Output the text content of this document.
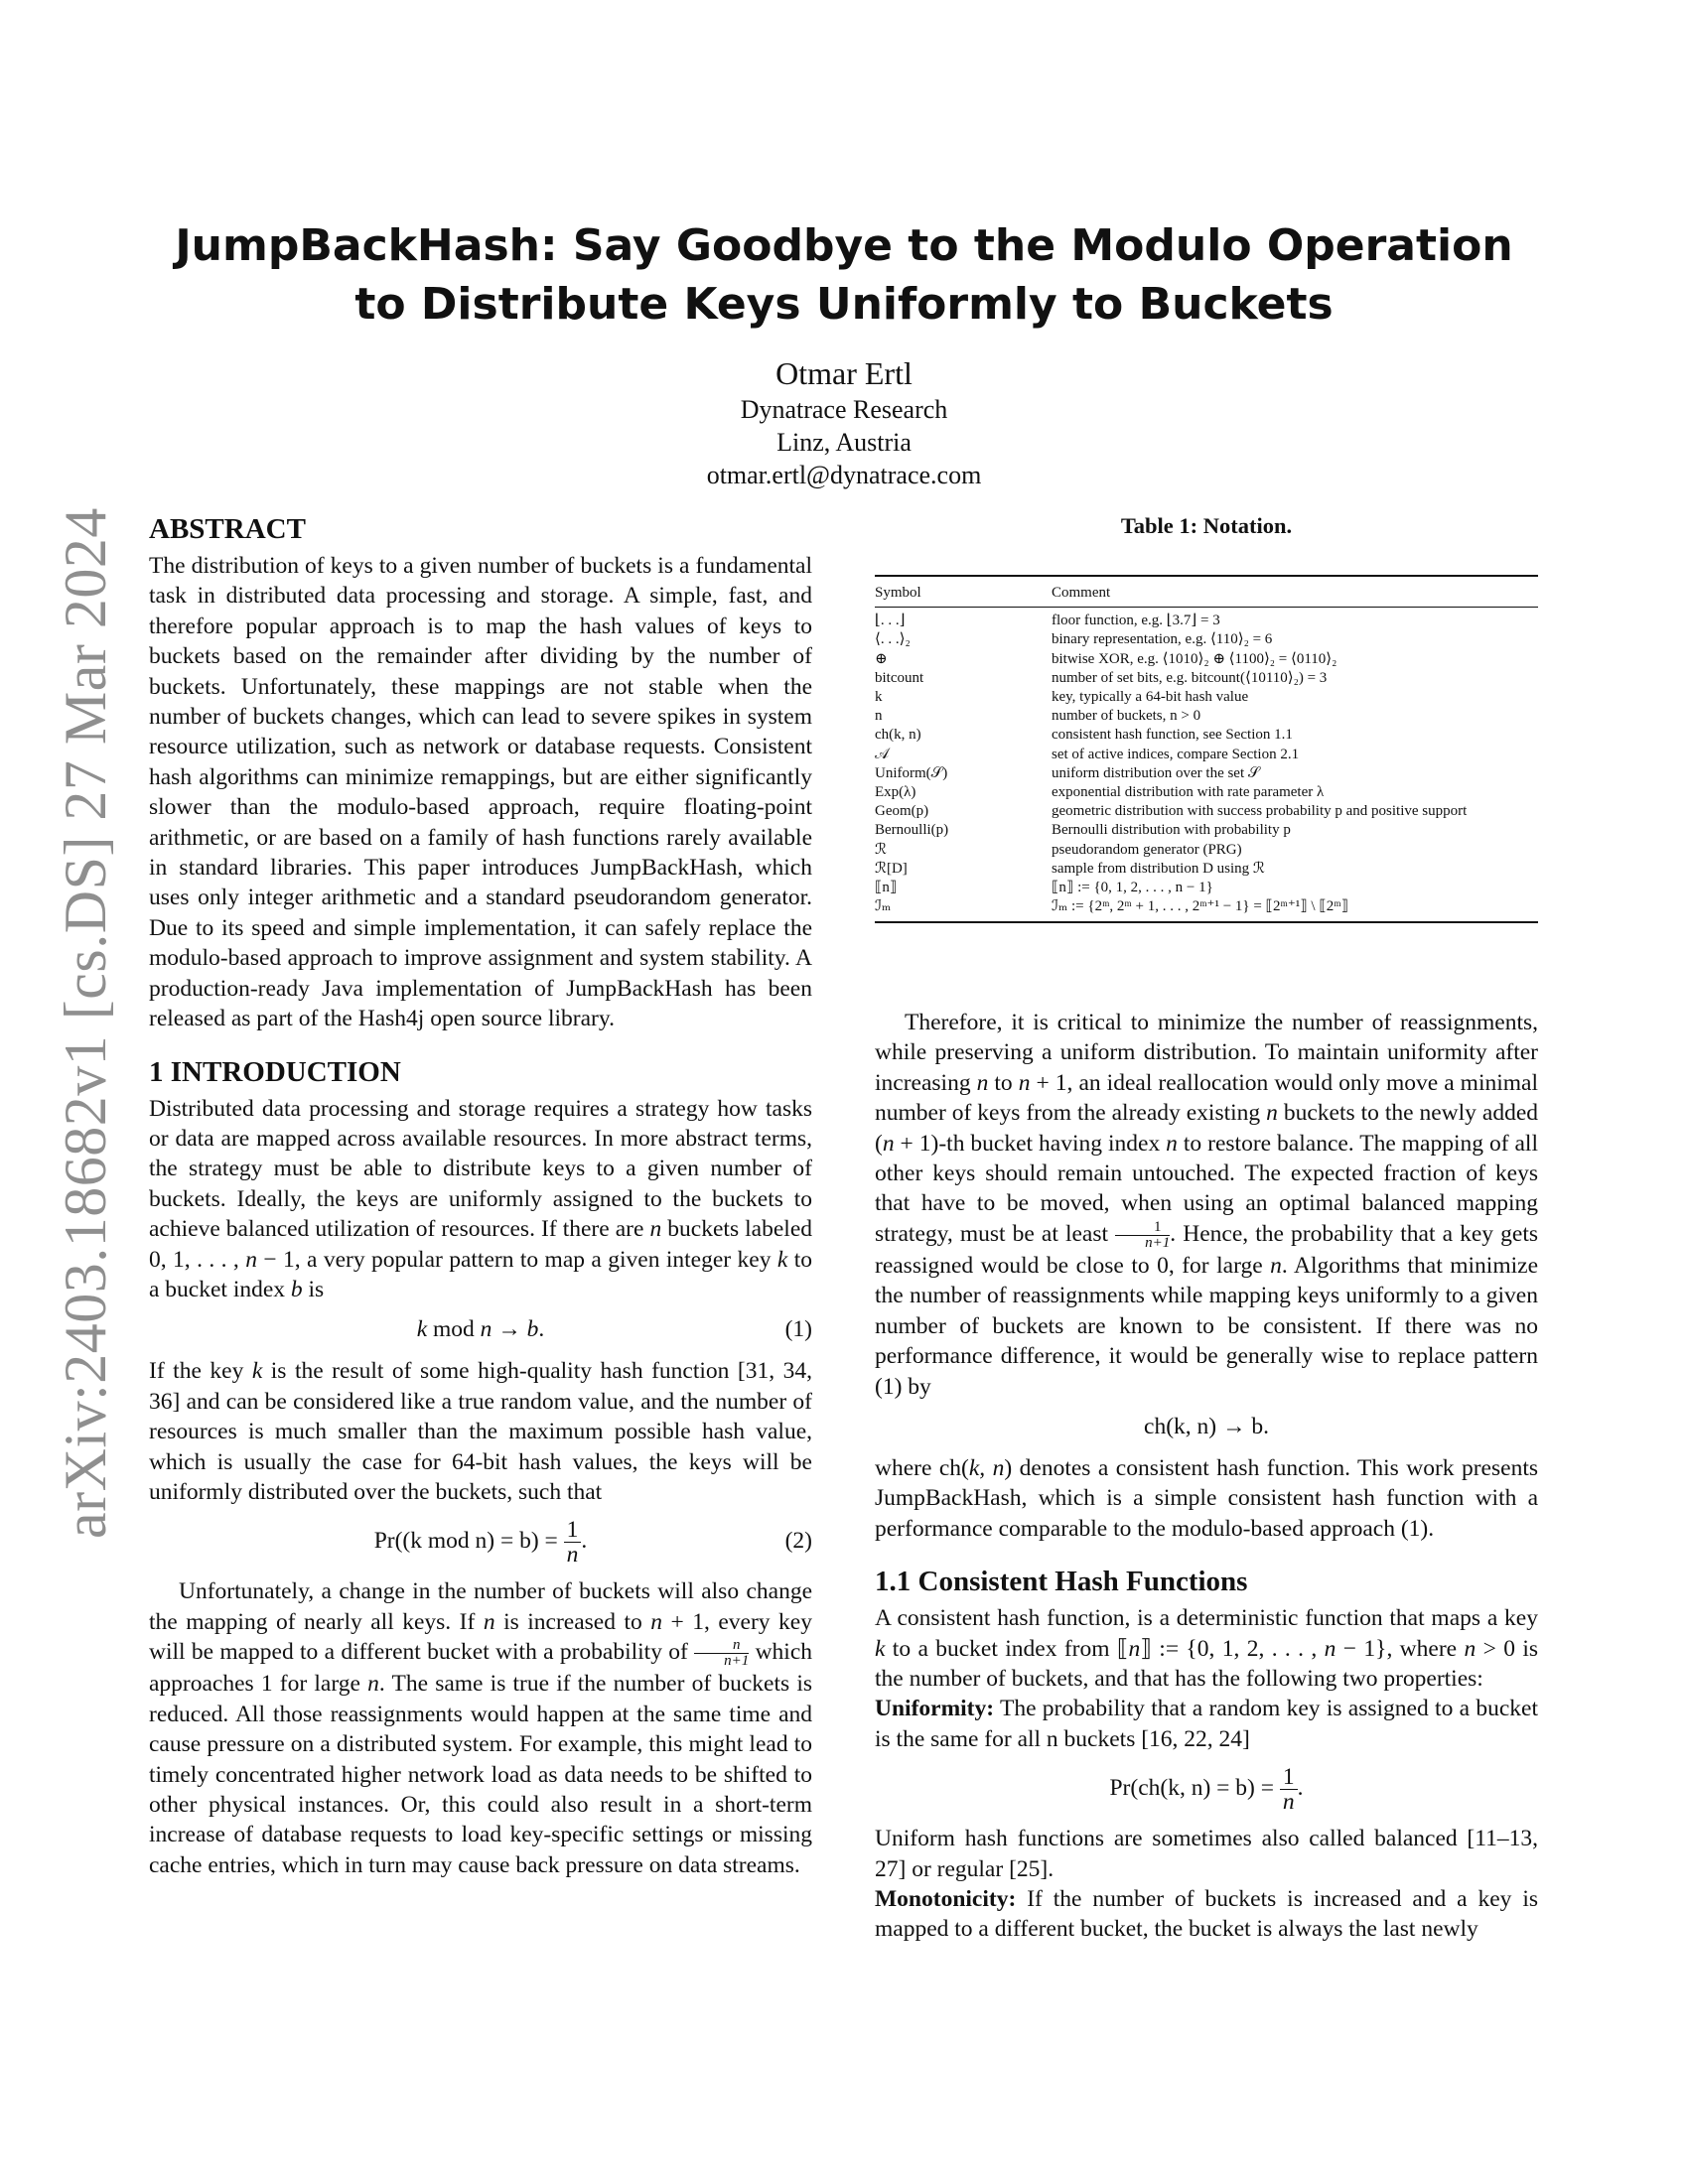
arXiv:2403.18682v1 [cs.DS] 27 Mar 2024
JumpBackHash: Say Goodbye to the Modulo Operation
to Distribute Keys Uniformly to Buckets
Otmar Ertl
Dynatrace Research
Linz, Austria
otmar.ertl@dynatrace.com
ABSTRACT

The distribution of keys to a given number of buckets is a fundamental task in distributed data processing and storage. A simple, fast, and therefore popular approach is to map the hash values of keys to buckets based on the remainder after dividing by the number of buckets. Unfortunately, these mappings are not stable when the number of buckets changes, which can lead to severe spikes in system resource utilization, such as network or database requests. Consistent hash algorithms can minimize remappings, but are either significantly slower than the modulo-based approach, require floating-point arithmetic, or are based on a family of hash functions rarely available in standard libraries. This paper introduces JumpBackHash, which uses only integer arithmetic and a standard pseudorandom generator. Due to its speed and simple implementation, it can safely replace the modulo-based approach to improve assignment and system stability. A production-ready Java implementation of JumpBackHash has been released as part of the Hash4j open source library.

1 INTRODUCTION

Distributed data processing and storage requires a strategy how tasks or data are mapped across available resources. In more abstract terms, the strategy must be able to distribute keys to a given number of buckets. Ideally, the keys are uniformly assigned to the buckets to achieve balanced utilization of resources. If there are n buckets labeled 0, 1, . . . , n − 1, a very popular pattern to map a given integer key k to a bucket index b is

k mod n → b.	(1)

If the key k is the result of some high-quality hash function [31, 34, 36] and can be considered like a true random value, and the number of resources is much smaller than the maximum possible hash value, which is usually the case for 64-bit hash values, the keys will be uniformly distributed over the buckets, such that

Pr((k mod $n) = b) = \frac{1}{n}$ .	(2)

Unfortunately, a change in the number of buckets will also change the mapping of nearly all keys. If n is increased to n + 1, every key will be mapped to a different bucket with a probability of $\frac{n}{n+1}$ which approaches 1 for large n. The same is true if the number of buckets is reduced. All those reassignments would happen at the same time and cause pressure on a distributed system. For example, this might lead to timely concentrated higher network load as data needs to be shifted to other physical instances. Or, this could also result in a short-term increase of database requests to load key-specific settings or missing cache entries, which in turn may cause back pressure on data streams.

Table 1: Notation.
Symbol	Comment
⌊. . .⌋	floor function, e.g. ⌊3.7⌋ = 3
⟨. . .⟩₂	binary representation, e.g. ⟨110⟩₂ = 6
⊕	bitwise XOR, e.g. ⟨1010⟩₂ ⊕ ⟨1100⟩₂ = ⟨0110⟩₂
bitcount	number of set bits, e.g. bitcount(⟨10110⟩₂) = 3
k	key, typically a 64-bit hash value
n	number of buckets, n > 0
ch(k, n)	consistent hash function, see Section 1.1
𝒜	set of active indices, compare Section 2.1
Uniform(𝒮)	uniform distribution over the set 𝒮
Exp(λ)	exponential distribution with rate parameter λ
Geom(p)	geometric distribution with success probability p and positive support
Bernoulli(p)	Bernoulli distribution with probability p
ℛ	pseudorandom generator (PRG)
ℛ[D]	sample from distribution D using ℛ
⟦n⟧	⟦n⟧ := {0, 1, 2, . . . , n − 1}
ℐₘ	ℐₘ := {2ᵐ, 2ᵐ + 1, . . . , 2ᵐ⁺¹ − 1} = ⟦2ᵐ⁺¹⟧ \ ⟦2ᵐ⟧

Therefore, it is critical to minimize the number of reassignments, while preserving a uniform distribution. To maintain uniformity after increasing n to n + 1, an ideal reallocation would only move a minimal number of keys from the already existing n buckets to the newly added (n + 1)-th bucket having index n to restore balance. The mapping of all other keys should remain untouched. The expected fraction of keys that have to be moved, when using an optimal balanced mapping strategy, must be at least $\frac{1}{n+1}$ . Hence, the probability that a key gets reassigned would be close to 0, for large n. Algorithms that minimize the number of reassignments while mapping keys uniformly to a given number of buckets are known to be consistent. If there was no performance difference, it would be generally wise to replace pattern (1) by

ch(k, n) → b.

where ch(k, n) denotes a consistent hash function. This work presents JumpBackHash, which is a simple consistent hash function with a performance comparable to the modulo-based approach (1).

1.1 Consistent Hash Functions

A consistent hash function, is a deterministic function that maps a key k to a bucket index from ⟦n⟧ := {0, 1, 2, . . . , n − 1}, where n > 0 is the number of buckets, and that has the following two properties:

Uniformity: The probability that a random key is assigned to a bucket is the same for all n buckets [16, 22, 24]

Pr(ch(k, $n) = b) = \frac{1}{n}$ .

Uniform hash functions are sometimes also called balanced [11–13, 27] or regular [25].

Monotonicity: If the number of buckets is increased and a key is mapped to a different bucket, the bucket is always the last newly
